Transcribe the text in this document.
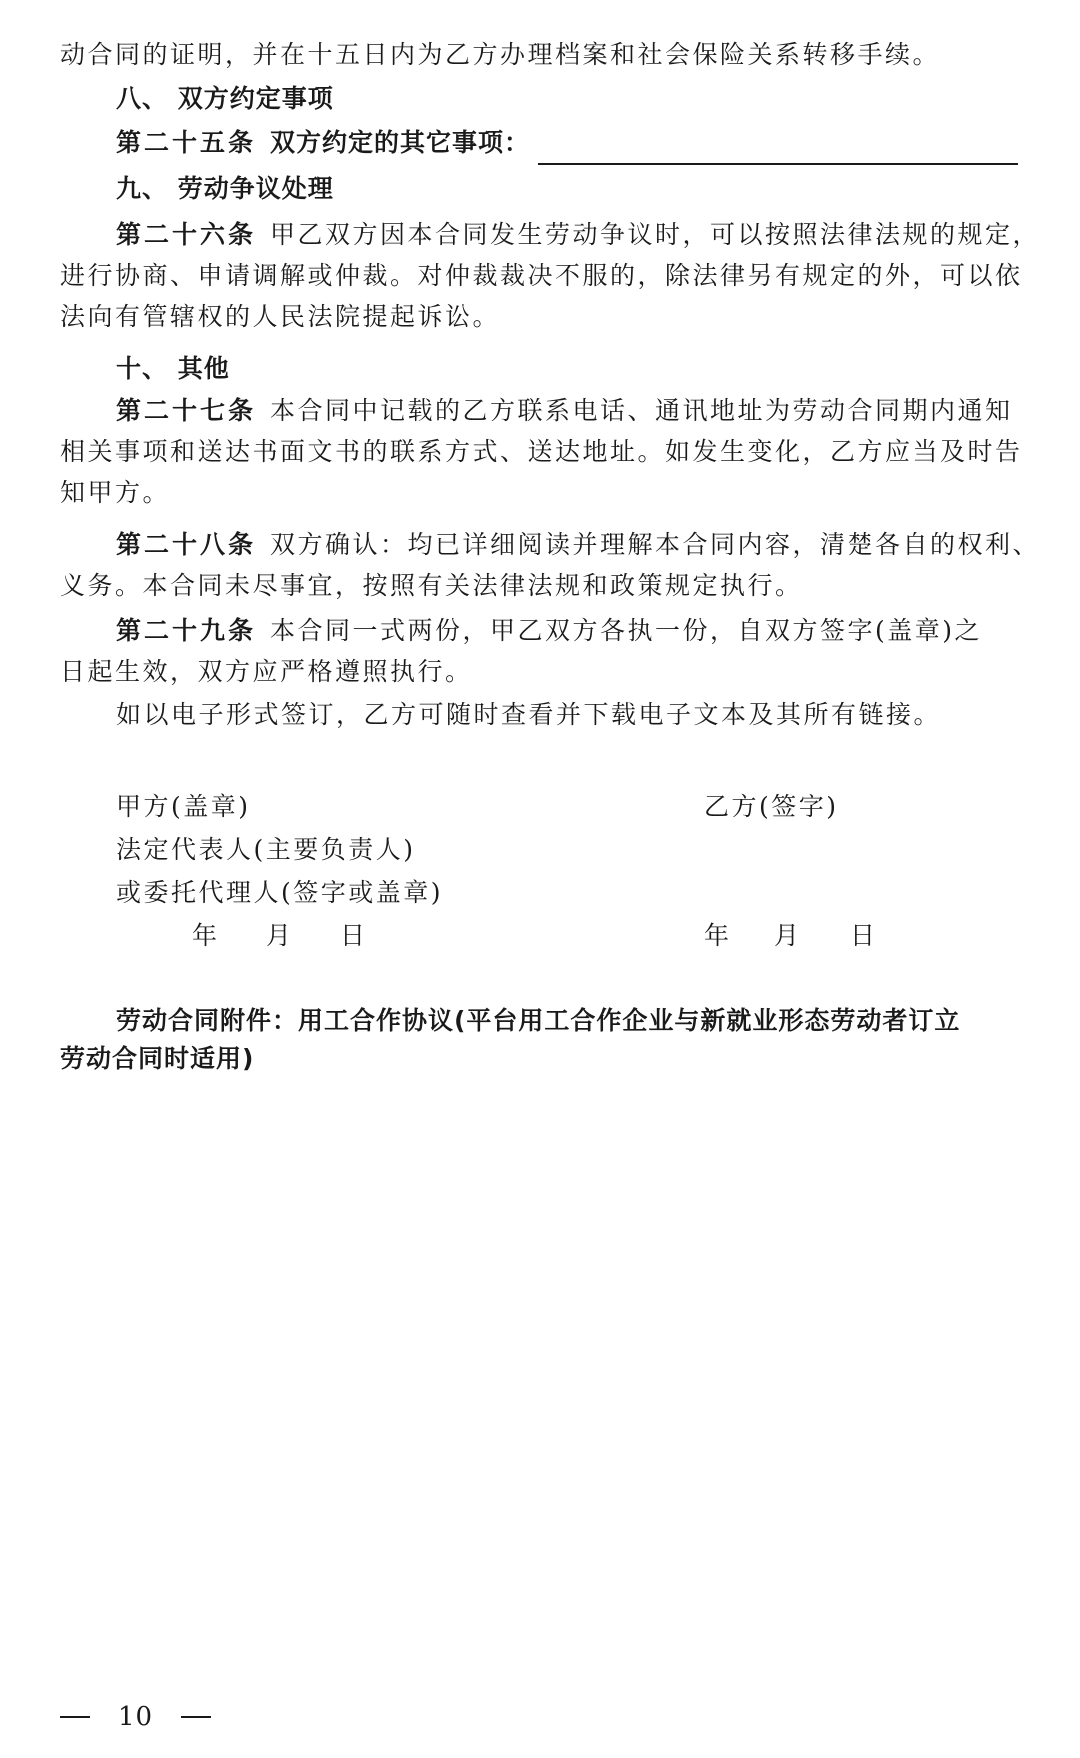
动合同的证明，并在十五日内为乙方办理档案和社会保险关系转移手续。
八、 双方约定事项
第二十五条 双方约定的其它事项：
九、 劳动争议处理
第二十六条 甲乙双方因本合同发生劳动争议时，可以按照法律法规的规定，
进行协商、申请调解或仲裁。对仲裁裁决不服的，除法律另有规定的外，可以依
法向有管辖权的人民法院提起诉讼。
十、 其他
第二十七条 本合同中记载的乙方联系电话、通讯地址为劳动合同期内通知
相关事项和送达书面文书的联系方式、送达地址。如发生变化，乙方应当及时告
知甲方。
第二十八条 双方确认：均已详细阅读并理解本合同内容，清楚各自的权利、
义务。本合同未尽事宜，按照有关法律法规和政策规定执行。
第二十九条 本合同一式两份，甲乙双方各执一份，自双方签字(盖章)之
日起生效，双方应严格遵照执行。
如以电子形式签订，乙方可随时查看并下载电子文本及其所有链接。
甲方(盖章)
法定代表人(主要负责人)
或委托代理人(签字或盖章)
年 月 日
乙方(签字)
年 月 日
劳动合同附件：用工合作协议(平台用工合作企业与新就业形态劳动者订立
劳动合同时适用)
10
